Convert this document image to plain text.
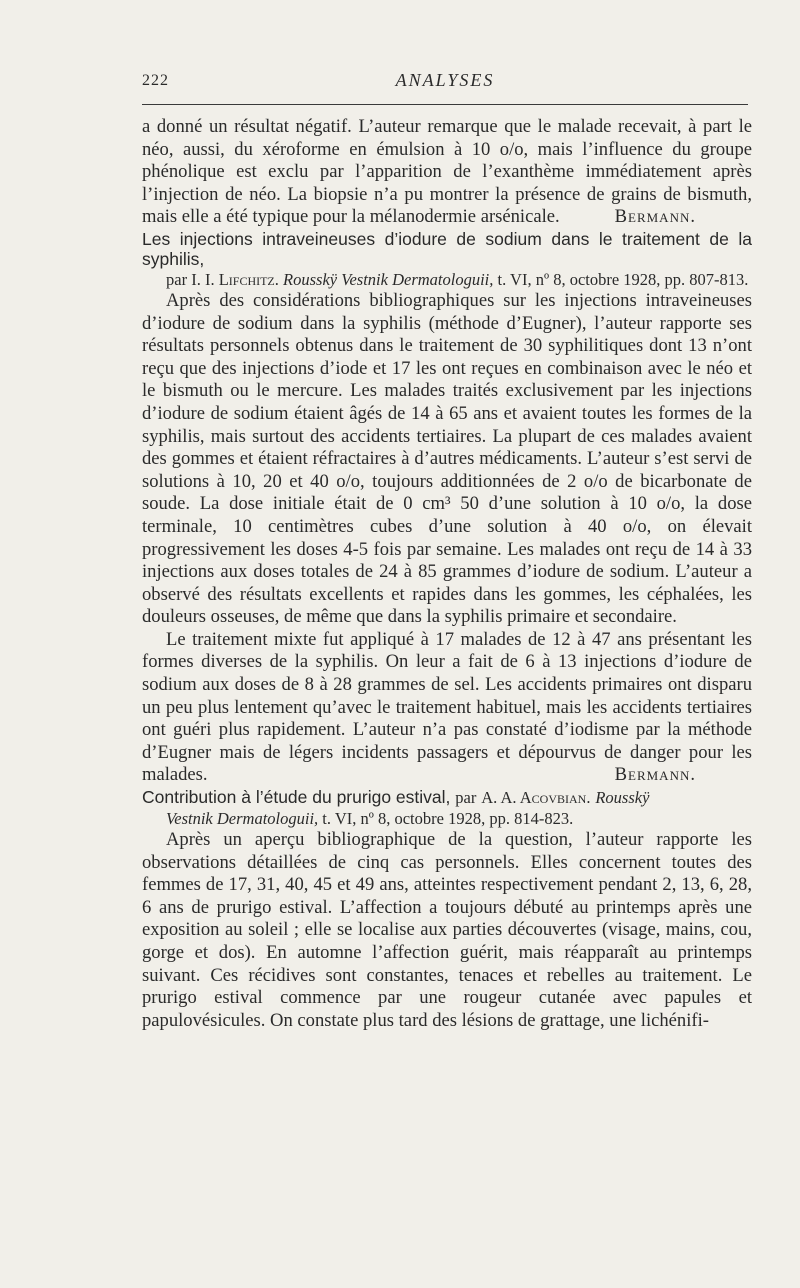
222	ANALYSES

a donné un résultat négatif. L’auteur remarque que le malade recevait, à part le néo, aussi, du xéroforme en émulsion à 10 o/o, mais l’influence du groupe phénolique est exclu par l’apparition de l’exanthème immédiatement après l’injection de néo. La biopsie n’a pu montrer la présence de grains de bismuth, mais elle a été typique pour la mélanodermie arsénicale.	Bermann.

Les injections intraveineuses d’iodure de sodium dans le traitement de la syphilis,

par I. I. Lifchitz. Rousskÿ Vestnik Dermatologuii, t. VI, nº 8, octobre 1928, pp. 807-813.

Après des considérations bibliographiques sur les injections intraveineuses d’iodure de sodium dans la syphilis (méthode d’Eugner), l’auteur rapporte ses résultats personnels obtenus dans le traitement de 30 syphilitiques dont 13 n’ont reçu que des injections d’iode et 17 les ont reçues en combinaison avec le néo et le bismuth ou le mercure. Les malades traités exclusivement par les injections d’iodure de sodium étaient âgés de 14 à 65 ans et avaient toutes les formes de la syphilis, mais surtout des accidents tertiaires. La plupart de ces malades avaient des gommes et étaient réfractaires à d’autres médicaments. L’auteur s’est servi de solutions à 10, 20 et 40 o/o, toujours additionnées de 2 o/o de bicarbonate de soude. La dose initiale était de 0 cm³ 50 d’une solution à 10 o/o, la dose terminale, 10 centimètres cubes d’une solution à 40 o/o, on élevait progressivement les doses 4-5 fois par semaine. Les malades ont reçu de 14 à 33 injections aux doses totales de 24 à 85 grammes d’iodure de sodium. L’auteur a observé des résultats excellents et rapides dans les gommes, les céphalées, les douleurs osseuses, de même que dans la syphilis primaire et secondaire.

Le traitement mixte fut appliqué à 17 malades de 12 à 47 ans présentant les formes diverses de la syphilis. On leur a fait de 6 à 13 injections d’iodure de sodium aux doses de 8 à 28 grammes de sel. Les accidents primaires ont disparu un peu plus lentement qu’avec le traitement habituel, mais les accidents tertiaires ont guéri plus rapidement. L’auteur n’a pas constaté d’iodisme par la méthode d’Eugner mais de légers incidents passagers et dépourvus de danger pour les malades.	Bermann.

Contribution à l’étude du prurigo estival, par A. A. Acovbian. Rousskÿ

Vestnik Dermatologuii, t. VI, nº 8, octobre 1928, pp. 814-823.

Après un aperçu bibliographique de la question, l’auteur rapporte les observations détaillées de cinq cas personnels. Elles concernent toutes des femmes de 17, 31, 40, 45 et 49 ans, atteintes respectivement pendant 2, 13, 6, 28, 6 ans de prurigo estival. L’affection a toujours débuté au printemps après une exposition au soleil ; elle se localise aux parties découvertes (visage, mains, cou, gorge et dos). En automne l’affection guérit, mais réapparaît au printemps suivant. Ces récidives sont constantes, tenaces et rebelles au traitement. Le prurigo estival commence par une rougeur cutanée avec papules et papulovésicules. On constate plus tard des lésions de grattage, une lichénifi-
